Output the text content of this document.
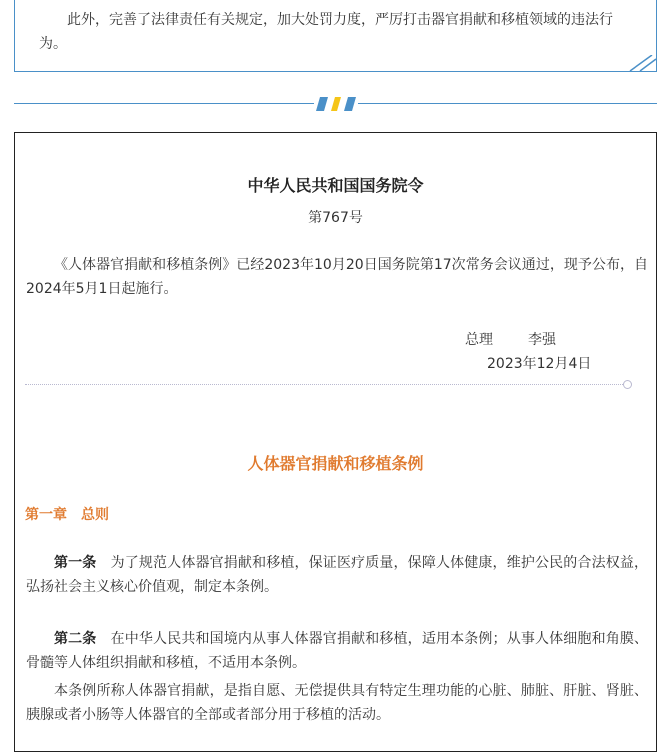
此外，完善了法律责任有关规定，加大处罚力度，严厉打击器官捐献和移植领域的违法行为。

中华人民共和国国务院令
第767号

《人体器官捐献和移植条例》已经2023年10月20日国务院第17次常务会议通过，现予公布，自2024年5月1日起施行。

总理	李强
2023年12月4日
人体器官捐献和移植条例
第一章　总则

第一条　 为了规范人体器官捐献和移植，保证医疗质量，保障人体健康，维护公民的合法权益，弘扬社会主义核心价值观，制定本条例。

第二条　 在中华人民共和国境内从事人体器官捐献和移植，适用本条例；从事人体细胞和角膜、骨髓等人体组织捐献和移植，不适用本条例。

本条例所称人体器官捐献，是指自愿、无偿提供具有特定生理功能的心脏、肺脏、肝脏、肾脏、胰腺或者小肠等人体器官的全部或者部分用于移植的活动。
